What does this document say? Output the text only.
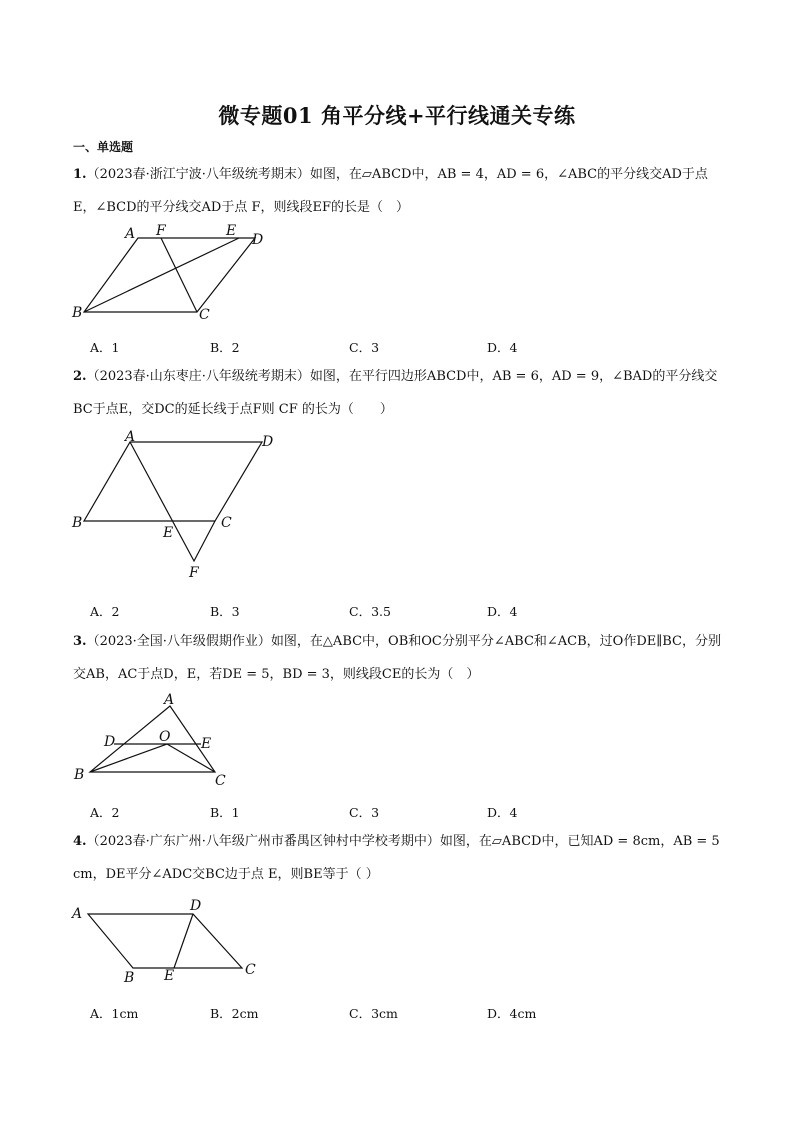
微专题01 角平分线+平行线通关专练
一、单选题
1.（2023春·浙江宁波·八年级统考期末）如图，在▱ABCD中，AB = 4，AD = 6，∠ABC的平分线交AD于点E，∠BCD的平分线交AD于点 F，则线段EF的长是（　）
A F	E
D
B	C
A．1	B．2	C．3	D．4
2.（2023春·山东枣庄·八年级统考期末）如图，在平行四边形ABCD中，AB = 6，AD = 9，∠BAD的平分线交BC于点E，交DC的延长线于点F则 CF 的长为（　　）
A	D
B
E
C
F
A．2	B．3	C．3.5	D．4
3.（2023·全国·八年级假期作业）如图，在△ABC中，OB和OC分别平分∠ABC和∠ACB，过O作DE∥BC，分别交AB，AC于点D，E，若DE = 5，BD = 3，则线段CE的长为（　）
A
D	O E
B	C
A．2	B．1	C．3	D．4
4.（2023春·广东广州·八年级广州市番禺区钟村中学校考期中）如图，在▱ABCD中，已知AD = 8cm，AB = 5 cm，DE平分∠ADC交BC边于点 E，则BE等于（ ）
A	D
B E	C
A．1cm	B．2cm	C．3cm	D．4cm
